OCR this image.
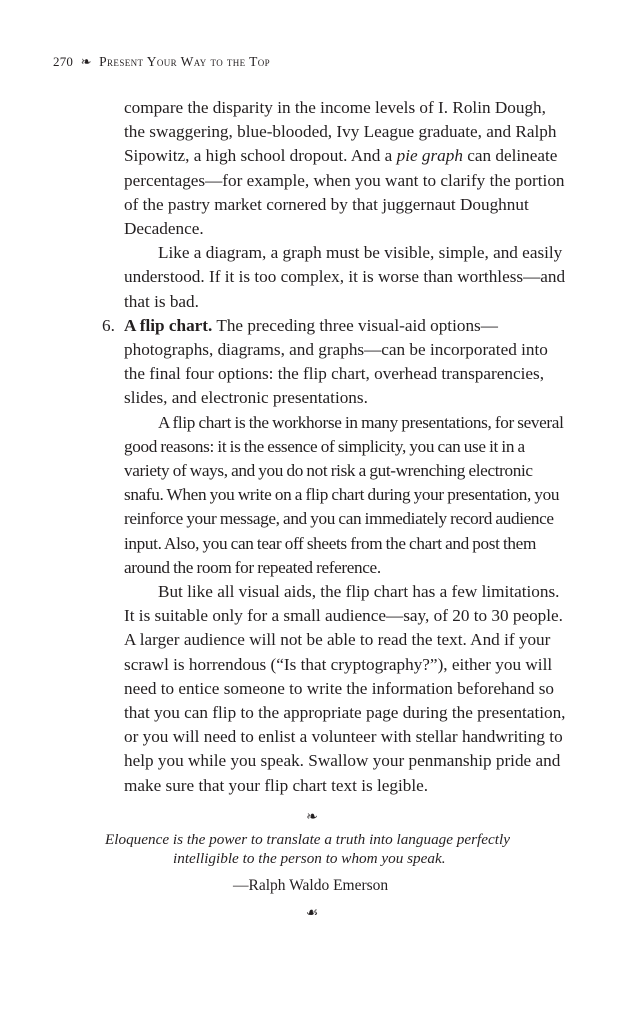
270 ❧ Present Your Way to the Top

compare the disparity in the income levels of I. Rolin Dough, the swaggering, blue-blooded, Ivy League graduate, and Ralph Sipowitz, a high school dropout. And a pie graph can delineate percentages—for example, when you want to clarify the portion of the pastry market cornered by that juggernaut Doughnut Decadence.

Like a diagram, a graph must be visible, simple, and easily understood. If it is too complex, it is worse than worthless—and that is bad.

6. A flip chart. The preceding three visual-aid options—photographs, diagrams, and graphs—can be incorporated into the final four options: the flip chart, overhead transparencies, slides, and electronic presentations.

A flip chart is the workhorse in many presentations, for several good reasons: it is the essence of simplicity, you can use it in a variety of ways, and you do not risk a gut-wrenching electronic snafu. When you write on a flip chart during your presentation, you reinforce your message, and you can immediately record audience input. Also, you can tear off sheets from the chart and post them around the room for repeated reference.

But like all visual aids, the flip chart has a few limitations. It is suitable only for a small audience—say, of 20 to 30 people. A larger audience will not be able to read the text. And if your scrawl is horrendous (“Is that cryptography?”), either you will need to entice someone to write the information beforehand so that you can flip to the appropriate page during the presentation, or you will need to enlist a volunteer with stellar handwriting to help you while you speak. Swallow your penmanship pride and make sure that your flip chart text is legible.

❧
Eloquence is the power to translate a truth into language perfectly
intelligible to the person to whom you speak.
—Ralph Waldo Emerson
☙
